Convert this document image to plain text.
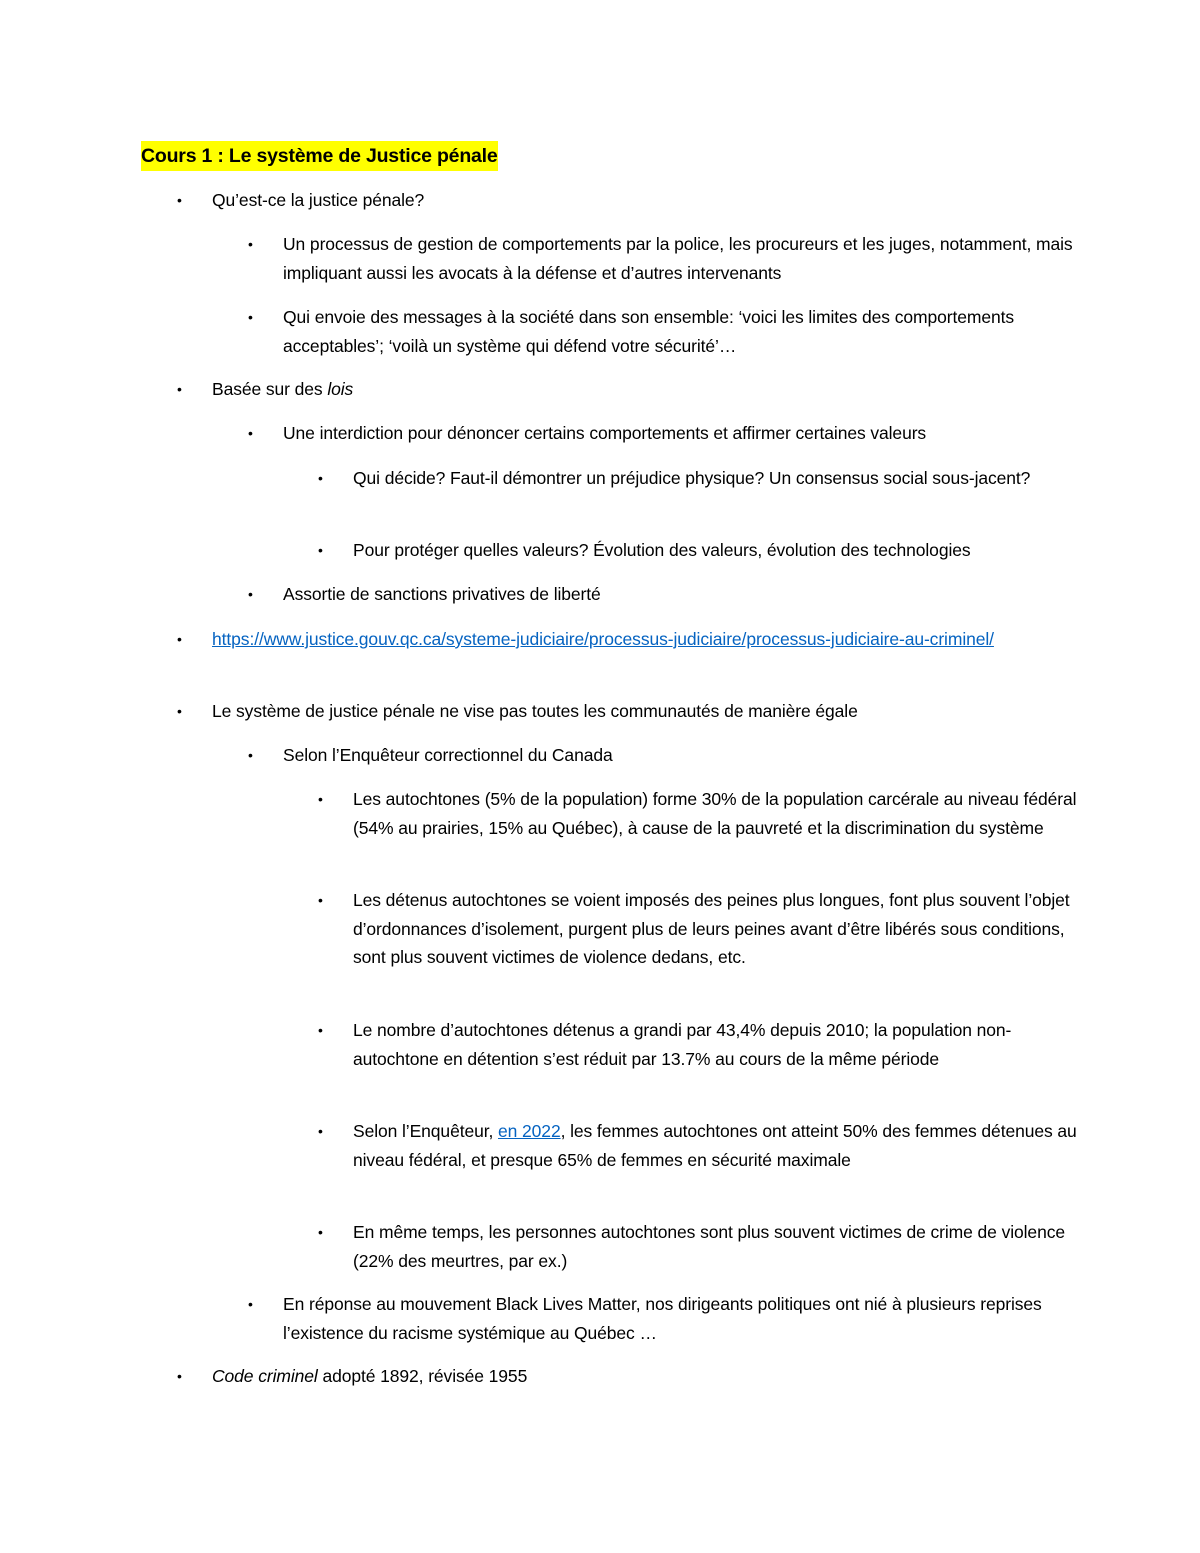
Cours 1 : Le système de Justice pénale
• Qu’est-ce la justice pénale?
• Un processus de gestion de comportements par la police, les procureurs et les juges, notamment, mais impliquant aussi les avocats à la défense et d’autres intervenants
• Qui envoie des messages à la société dans son ensemble: ‘voici les limites des comportements acceptables’; ‘voilà un système qui défend votre sécurité’…
• Basée sur des lois
• Une interdiction pour dénoncer certains comportements et affirmer certaines valeurs
• Qui décide? Faut-il démontrer un préjudice physique? Un consensus social sous-jacent?
• Pour protéger quelles valeurs? Évolution des valeurs, évolution des technologies
• Assortie de sanctions privatives de liberté
• https://www.justice.gouv.qc.ca/systeme-judiciaire/processus-judiciaire/processus-judiciaire-au-criminel/
• Le système de justice pénale ne vise pas toutes les communautés de manière égale
• Selon l’Enquêteur correctionnel du Canada
• Les autochtones (5% de la population) forme 30% de la population carcérale au niveau fédéral (54% au prairies, 15% au Québec), à cause de la pauvreté et la discrimination du système
• Les détenus autochtones se voient imposés des peines plus longues, font plus souvent l’objet d’ordonnances d’isolement, purgent plus de leurs peines avant d’être libérés sous conditions, sont plus souvent victimes de violence dedans, etc.
• Le nombre d’autochtones détenus a grandi par 43,4% depuis 2010; la population non-autochtone en détention s’est réduit par 13.7% au cours de la même période
• Selon l’Enquêteur, en 2022, les femmes autochtones ont atteint 50% des femmes détenues au niveau fédéral, et presque 65% de femmes en sécurité maximale
• En même temps, les personnes autochtones sont plus souvent victimes de crime de violence (22% des meurtres, par ex.)
• En réponse au mouvement Black Lives Matter, nos dirigeants politiques ont nié à plusieurs reprises l’existence du racisme systémique au Québec …
• Code criminel adopté 1892, révisée 1955
